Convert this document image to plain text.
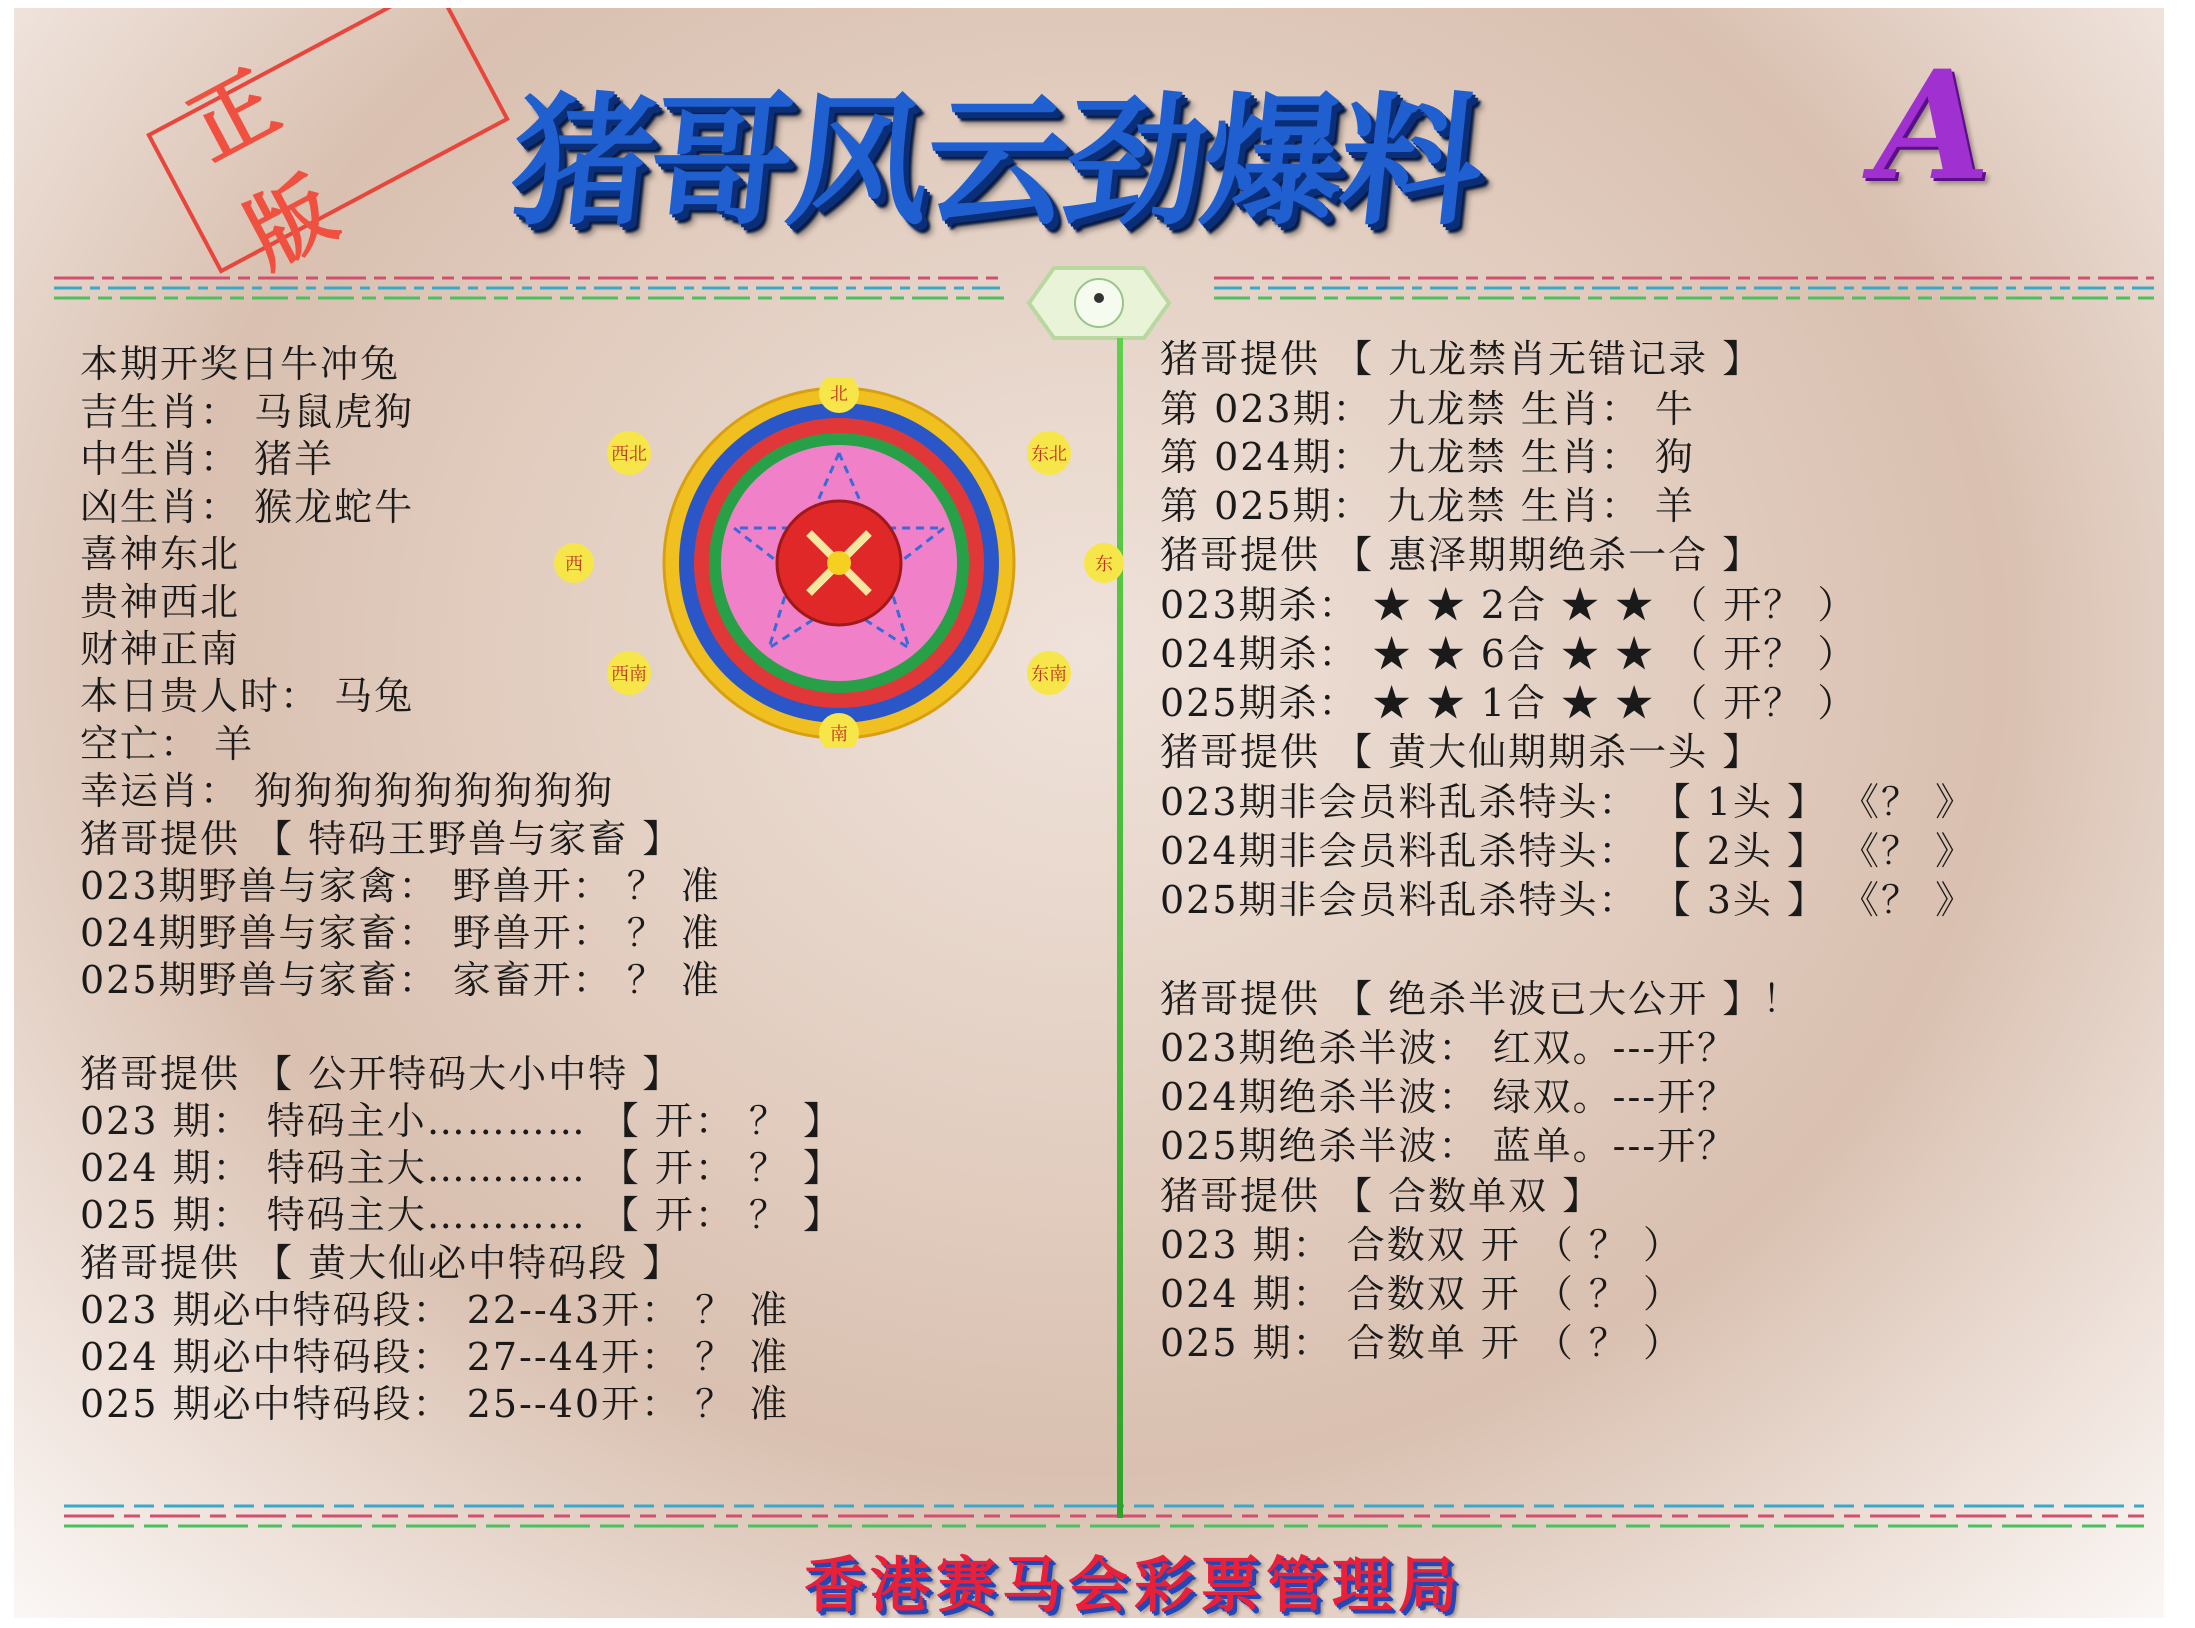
正 版 猪哥风云劲爆料	A
北
东北
东
东南
南
西南
西
西北
本期开奖日牛冲兔
吉生肖： 马鼠虎狗
中生肖： 猪羊
凶生肖： 猴龙蛇牛
喜神东北
贵神西北
财神正南
本日贵人时： 马兔
空亡： 羊
幸运肖： 狗狗狗狗狗狗狗狗狗
猪哥提供 【 特码王野兽与家畜 】
023期野兽与家禽： 野兽开： ？ 准
024期野兽与家畜： 野兽开： ？ 准
025期野兽与家畜： 家畜开： ？ 准
猪哥提供 【 公开特码大小中特 】
023 期： 特码主小………… 【 开： ？ 】
024 期： 特码主大………… 【 开： ？ 】
025 期： 特码主大………… 【 开： ？ 】
猪哥提供 【 黄大仙必中特码段 】
023 期必中特码段： 22--43开： ？ 准
024 期必中特码段： 27--44开： ？ 准
025 期必中特码段： 25--40开： ？ 准
猪哥提供 【 九龙禁肖无错记录 】
第 023期： 九龙禁 生肖： 牛
第 024期： 九龙禁 生肖： 狗
第 025期： 九龙禁 生肖： 羊
猪哥提供 【 惠泽期期绝杀一合 】
023期杀： ★ ★ 2合 ★ ★ （ 开？ ）
024期杀： ★ ★ 6合 ★ ★ （ 开？ ）
025期杀： ★ ★ 1合 ★ ★ （ 开？ ）
猪哥提供 【 黄大仙期期杀一头 】
023期非会员料乱杀特头： 【 1头 】 《？ 》
024期非会员料乱杀特头： 【 2头 】 《？ 》
025期非会员料乱杀特头： 【 3头 】 《？ 》
猪哥提供 【 绝杀半波已大公开 】！
023期绝杀半波： 红双。---开？
024期绝杀半波： 绿双。---开？
025期绝杀半波： 蓝单。---开？
猪哥提供 【 合数单双 】
023 期： 合数双 开 （ ？ ）
024 期： 合数双 开 （ ？ ）
025 期： 合数单 开 （ ？ ）
香港赛马会彩票管理局
